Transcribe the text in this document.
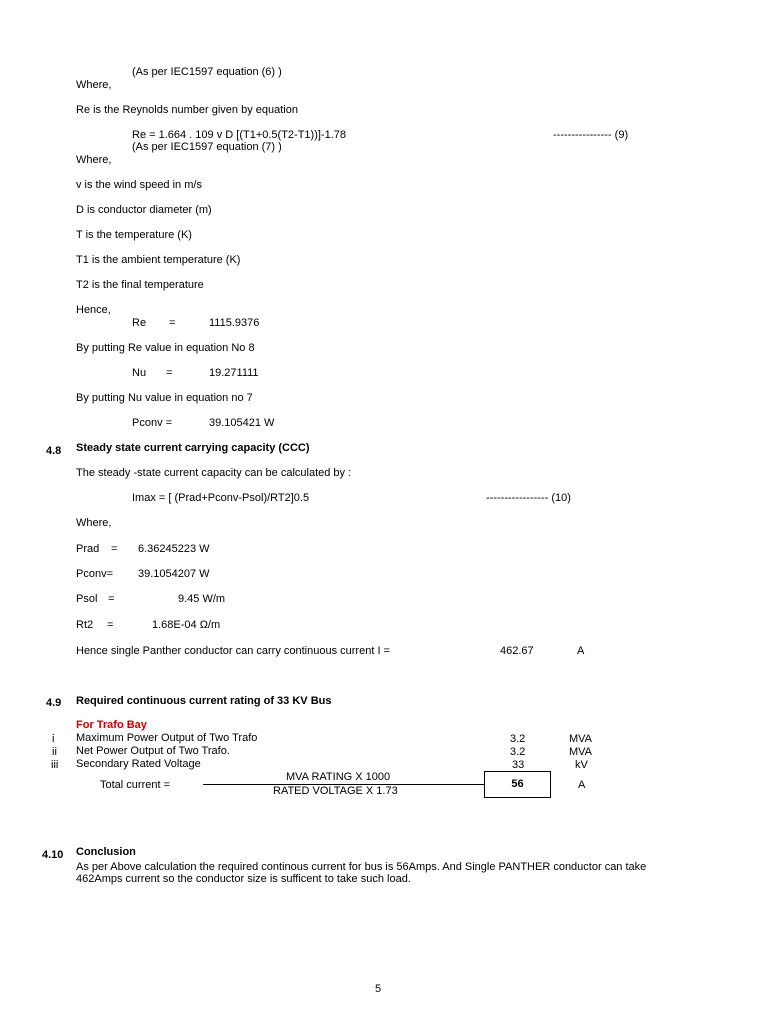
(As per IEC1597 equation (6) )
Where,
Re is the Reynolds number given by equation
Re = 1.664 . 109 v D [(T1+0.5(T2-T1))]-1.78	---------------- (9)
(As per IEC1597 equation (7) )
Where,
v is the wind speed in m/s
D is conductor diameter (m)
T is the temperature (K)
T1 is the ambient temperature (K)
T2 is the final temperature
Hence,
Re =	1115.9376
By putting Re value in equation No 8
Nu =	19.271111
By putting Nu value in equation no 7
Pconv =	39.105421 W
4.8 Steady state current carrying capacity (CCC)
The steady -state current capacity can be calculated by :
Imax = [ (Prad+Pconv-Psol)/RT2]0.5	----------------- (10)
Where,
Prad = 6.36245223 W
Pconv= 39.1054207 W
Psol =	9.45 W/m
Rt2 =	1.68E-04 Ω/m
Hence single Panther conductor can carry continuous current I =	462.67	A
4.9 Required continuous current rating of 33 KV Bus
For Trafo Bay
i Maximum Power Output of Two Trafo	3.2	MVA
ii Net Power Output of Two Trafo.	3.2	MVA
iii Secondary Rated Voltage	33	kV
Total current =
MVA RATING X 1000
RATED VOLTAGE X 1.73
56	A
4.10 Conclusion
As per Above calculation the required continous current for bus is 56Amps. And Single PANTHER conductor can take
462Amps current so the conductor size is sufficent to take such load.
5
